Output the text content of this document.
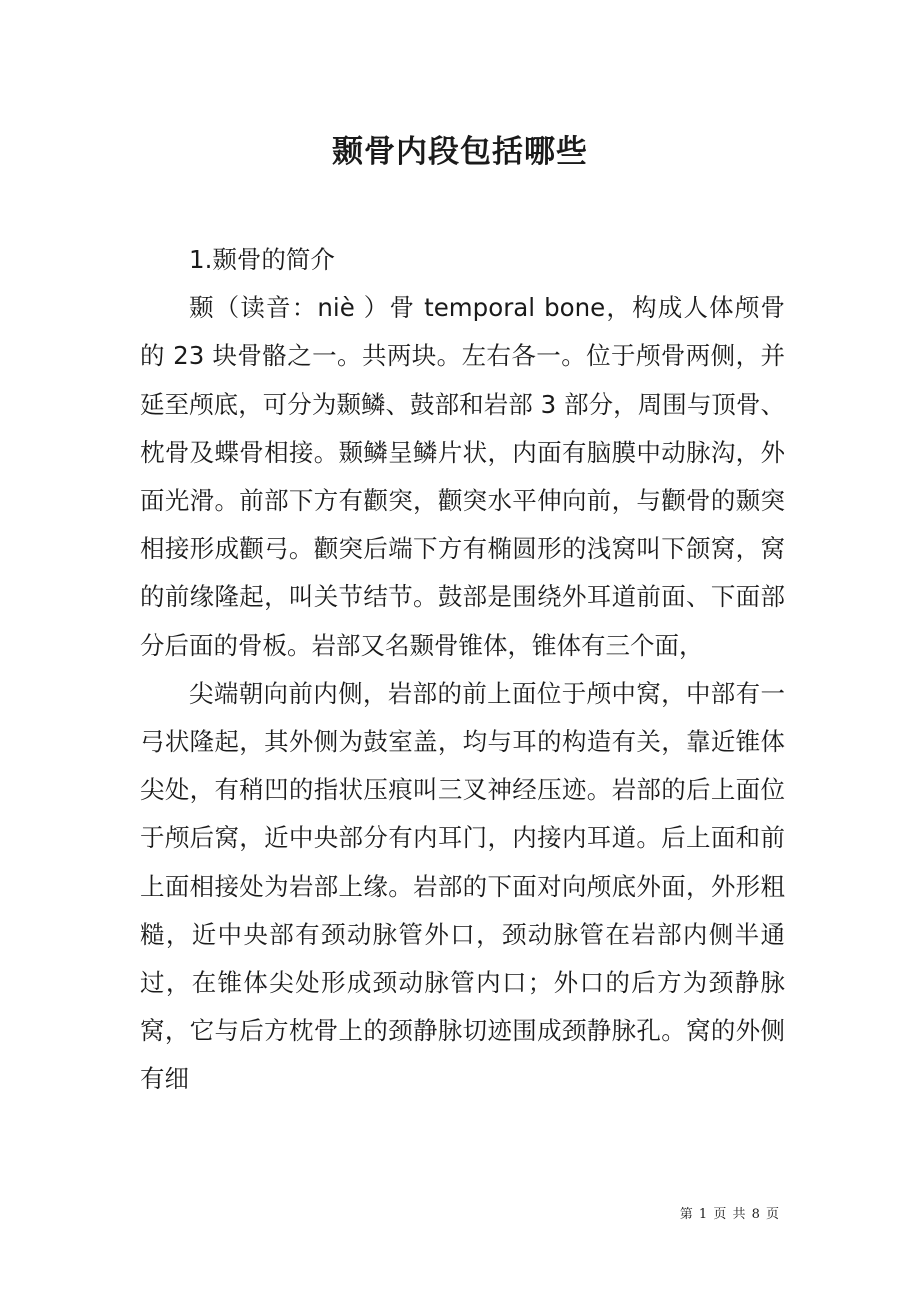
颞骨内段包括哪些

1.颞骨的简介

颞（读音：niè ）骨 temporal bone，构成人体颅骨的 23 块骨骼之一。共两块。左右各一。位于颅骨两侧，并延至颅底，可分为颞鳞、鼓部和岩部 3 部分，周围与顶骨、枕骨及蝶骨相接。颞鳞呈鳞片状，内面有脑膜中动脉沟，外面光滑。前部下方有颧突，颧突水平伸向前，与颧骨的颞突相接形成颧弓。颧突后端下方有椭圆形的浅窝叫下颌窝，窝的前缘隆起，叫关节结节。鼓部是围绕外耳道前面、下面部分后面的骨板。岩部又名颞骨锥体，锥体有三个面，

尖端朝向前内侧，岩部的前上面位于颅中窝，中部有一弓状隆起，其外侧为鼓室盖，均与耳的构造有关，靠近锥体尖处，有稍凹的指状压痕叫三叉神经压迹。岩部的后上面位于颅后窝，近中央部分有内耳门，内接内耳道。后上面和前上面相接处为岩部上缘。岩部的下面对向颅底外面，外形粗糙，近中央部有颈动脉管外口，颈动脉管在岩部内侧半通过，在锥体尖处形成颈动脉管内口；外口的后方为颈静脉窝，它与后方枕骨上的颈静脉切迹围成颈静脉孔。窝的外侧有细

第 1 页 共 8 页
